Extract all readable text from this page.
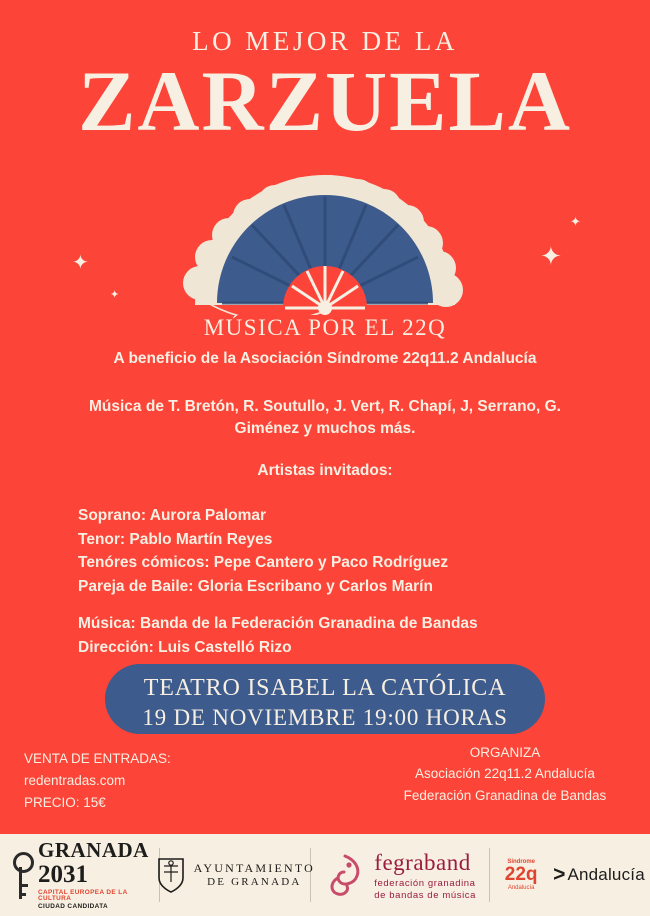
LO MEJOR DE LA
ZARZUELA
✦	✦
✦
✦
MÚSICA POR EL 22Q
A beneficio de la Asociación Síndrome 22q11.2 Andalucía
Música de T. Bretón, R. Soutullo, J. Vert, R. Chapí, J, Serrano, G. Giménez y muchos más.
Artistas invitados:
Soprano: Aurora Palomar
Tenor: Pablo Martín Reyes
Tenóres cómicos: Pepe Cantero y Paco Rodríguez
Pareja de Baile: Gloria Escribano y Carlos Marín
Música: Banda de la Federación Granadina de Bandas
Dirección: Luis Castelló Rizo
TEATRO ISABEL LA CATÓLICA
19 DE NOVIEMBRE 19:00 HORAS
VENTA DE ENTRADAS:
redentradas.com
PRECIO: 15€
ORGANIZA
Asociación 22q11.2 Andalucía
Federación Granadina de Bandas
GRANADA
2031
CAPITAL EUROPEA DE LA CULTURA
CIUDAD CANDIDATA
AYUNTAMIENTO
DE GRANADA
fegraband
federación granadina
de bandas de música
Síndrome
22q
Andalucía
> Andalucía
